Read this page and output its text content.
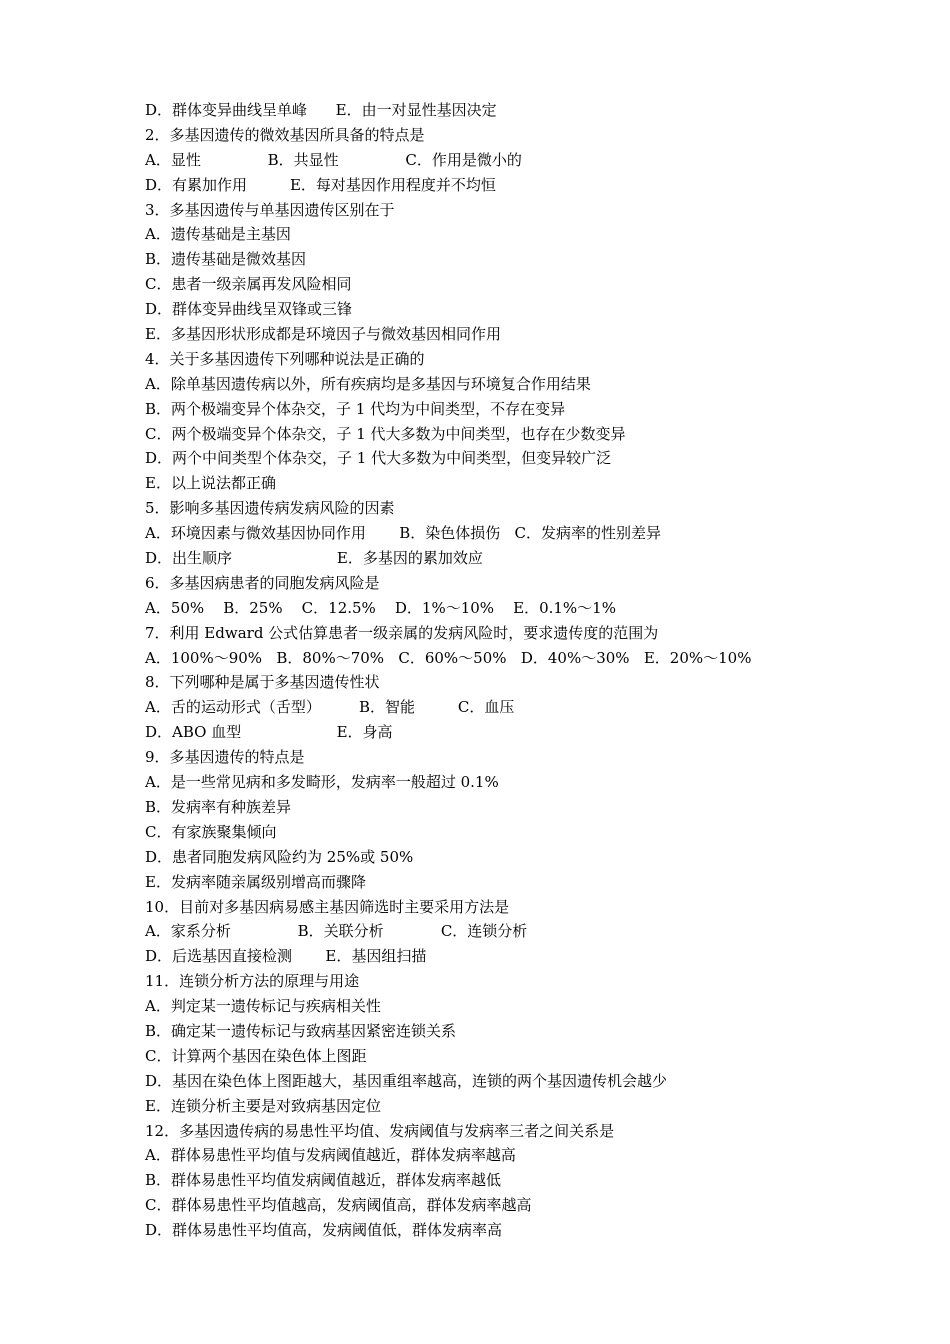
D．群体变异曲线呈单峰      E．由一对显性基因决定
2．多基因遗传的微效基因所具备的特点是
A．显性              B．共显性              C．作用是微小的
D．有累加作用         E．每对基因作用程度并不均恒
3．多基因遗传与单基因遗传区别在于
A．遗传基础是主基因
B．遗传基础是微效基因
C．患者一级亲属再发风险相同
D．群体变异曲线呈双锋或三锋
E．多基因形状形成都是环境因子与微效基因相同作用
4．关于多基因遗传下列哪种说法是正确的
A．除单基因遗传病以外，所有疾病均是多基因与环境复合作用结果
B．两个极端变异个体杂交，子 1 代均为中间类型，不存在变异
C．两个极端变异个体杂交，子 1 代大多数为中间类型，也存在少数变异
D．两个中间类型个体杂交，子 1 代大多数为中间类型，但变异较广泛
E．以上说法都正确
5．影响多基因遗传病发病风险的因素
A．环境因素与微效基因协同作用       B．染色体损伤   C．发病率的性别差异
D．出生顺序                      E．多基因的累加效应
6．多基因病患者的同胞发病风险是
A．50%    B．25%    C．12.5%    D．1%～10%    E．0.1%～1%
7．利用 Edward 公式估算患者一级亲属的发病风险时，要求遗传度的范围为
A．100%～90%   B．80%～70%   C．60%～50%   D．40%～30%   E．20%～10%
8．下列哪种是属于多基因遗传性状
A．舌的运动形式（舌型）        B．智能         C．血压
D．ABO 血型                    E．身高
9．多基因遗传的特点是
A．是一些常见病和多发畸形，发病率一般超过 0.1%
B．发病率有种族差异
C．有家族聚集倾向
D．患者同胞发病风险约为 25%或 50%
E．发病率随亲属级别增高而骤降
10．目前对多基因病易感主基因筛选时主要采用方法是
A．家系分析              B．关联分析            C．连锁分析
D．后选基因直接检测       E．基因组扫描
11．连锁分析方法的原理与用途
A．判定某一遗传标记与疾病相关性
B．确定某一遗传标记与致病基因紧密连锁关系
C．计算两个基因在染色体上图距
D．基因在染色体上图距越大，基因重组率越高，连锁的两个基因遗传机会越少
E．连锁分析主要是对致病基因定位
12．多基因遗传病的易患性平均值、发病阈值与发病率三者之间关系是
A．群体易患性平均值与发病阈值越近，群体发病率越高
B．群体易患性平均值发病阈值越近，群体发病率越低
C．群体易患性平均值越高，发病阈值高，群体发病率越高
D．群体易患性平均值高，发病阈值低，群体发病率高
